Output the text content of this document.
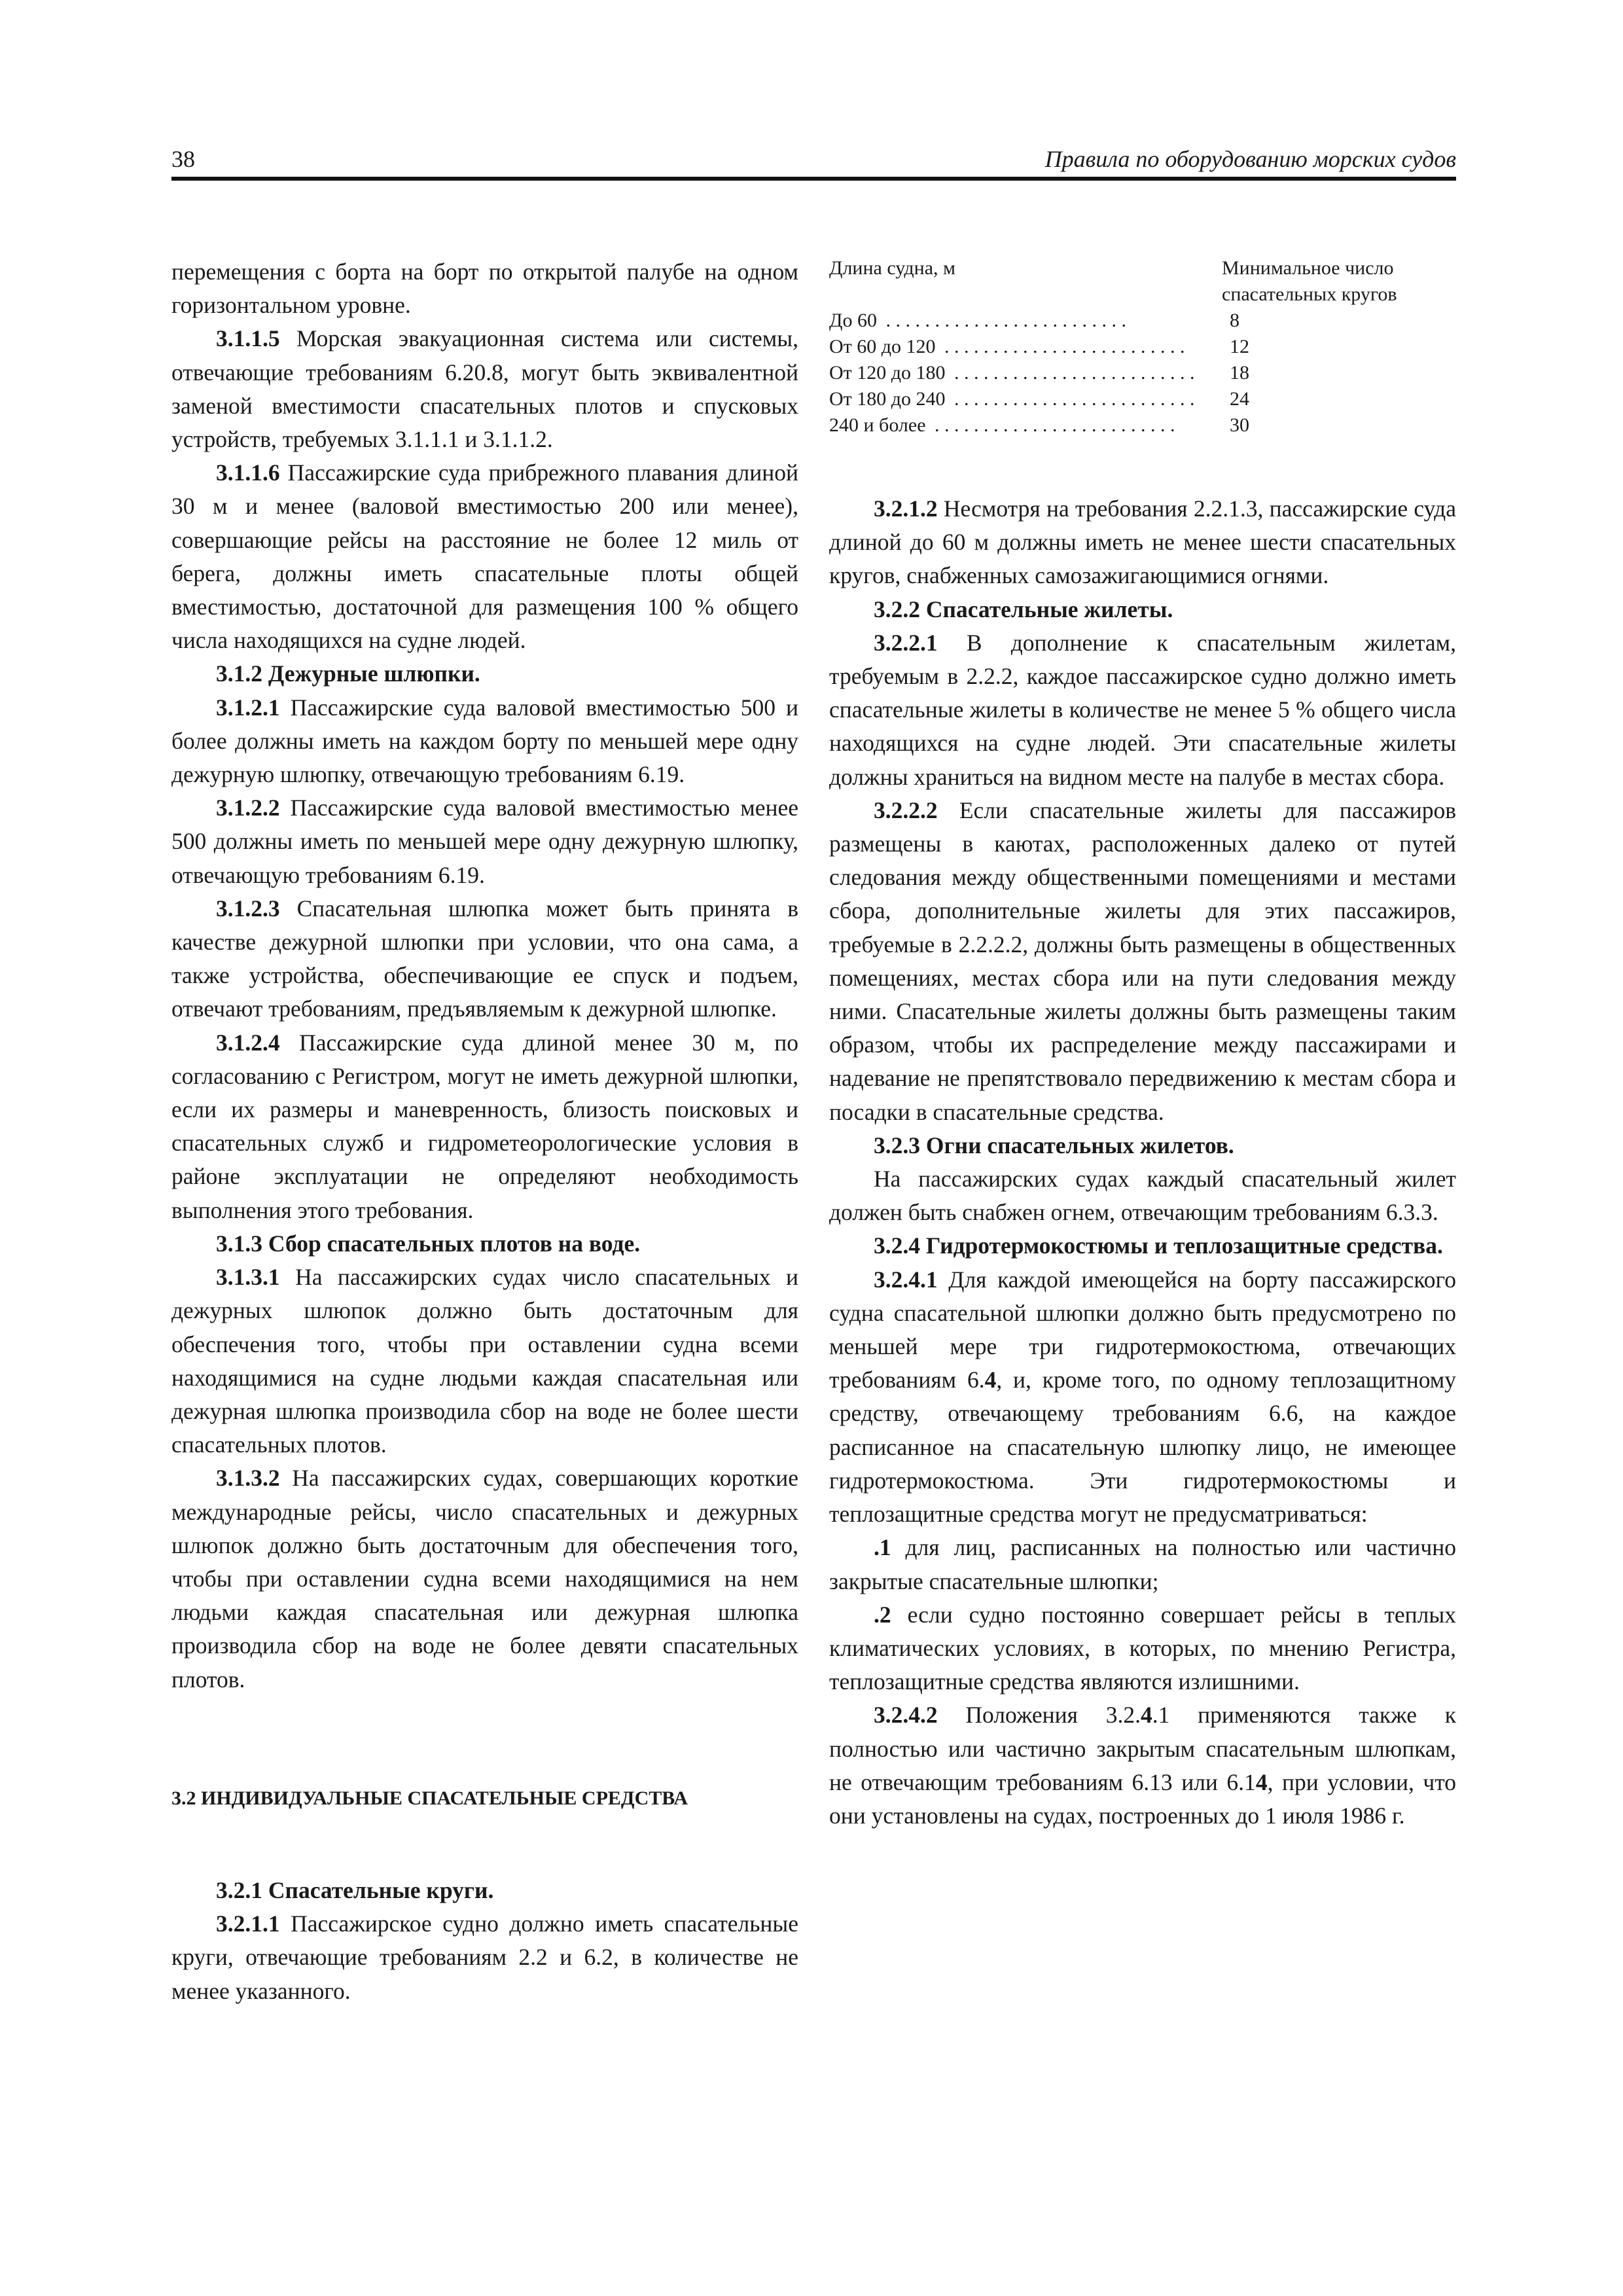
38	Правила по оборудованию морских судов

перемещения с борта на борт по открытой палубе на одном горизонтальном уровне.

3.1.1.5 Морская эвакуационная система или системы, отвечающие требованиям 6.20.8, могут быть эквивалентной заменой вместимости спасательных плотов и спусковых устройств, требуемых 3.1.1.1 и 3.1.1.2.

3.1.1.6 Пассажирские суда прибрежного плавания длиной 30 м и менее (валовой вместимостью 200 или менее), совершающие рейсы на расстояние не более 12 миль от берега, должны иметь спасательные плоты общей вместимостью, достаточной для размещения 100 % общего числа находящихся на судне людей.

3.1.2 Дежурные шлюпки.

3.1.2.1 Пассажирские суда валовой вместимостью 500 и более должны иметь на каждом борту по меньшей мере одну дежурную шлюпку, отвечающую требованиям 6.19.

3.1.2.2 Пассажирские суда валовой вместимостью менее 500 должны иметь по меньшей мере одну дежурную шлюпку, отвечающую требованиям 6.19.

3.1.2.3 Спасательная шлюпка может быть принята в качестве дежурной шлюпки при условии, что она сама, а также устройства, обеспечивающие ее спуск и подъем, отвечают требованиям, предъявляемым к дежурной шлюпке.

3.1.2.4 Пассажирские суда длиной менее 30 м, по согласованию с Регистром, могут не иметь дежурной шлюпки, если их размеры и маневренность, близость поисковых и спасательных служб и гидрометеорологические условия в районе эксплуатации не определяют необходимость выполнения этого требования.

3.1.3 Сбор спасательных плотов на воде.

3.1.3.1 На пассажирских судах число спасательных и дежурных шлюпок должно быть достаточным для обеспечения того, чтобы при оставлении судна всеми находящимися на судне людьми каждая спасательная или дежурная шлюпка производила сбор на воде не более шести спасательных плотов.

3.1.3.2 На пассажирских судах, совершающих короткие международные рейсы, число спасательных и дежурных шлюпок должно быть достаточным для обеспечения того, чтобы при оставлении судна всеми находящимися на нем людьми каждая спасательная или дежурная шлюпка производила сбор на воде не более девяти спасательных плотов.

3.2 ИНДИВИДУАЛЬНЫЕ СПАСАТЕЛЬНЫЕ СРЕДСТВА

3.2.1 Спасательные круги.

3.2.1.1 Пассажирское судно должно иметь спасательные круги, отвечающие требованиям 2.2 и 6.2, в количестве не менее указанного.

Длина судна, м	Минимальное число
спасательных кругов

До 60 . . . . . . . . . . . . . . . . . . . . . . . . .	8
От 60 до 120 . . . . . . . . . . . . . . . . . . . . . . . . .	12
От 120 до 180 . . . . . . . . . . . . . . . . . . . . . . . . .	18
От 180 до 240 . . . . . . . . . . . . . . . . . . . . . . . . .	24
240 и более . . . . . . . . . . . . . . . . . . . . . . . . .	30

3.2.1.2 Несмотря на требования 2.2.1.3, пассажирские суда длиной до 60 м должны иметь не менее шести спасательных кругов, снабженных самозажигающимися огнями.

3.2.2 Спасательные жилеты.

3.2.2.1 В дополнение к спасательным жилетам, требуемым в 2.2.2, каждое пассажирское судно должно иметь спасательные жилеты в количестве не менее 5 % общего числа находящихся на судне людей. Эти спасательные жилеты должны храниться на видном месте на палубе в местах сбора.

3.2.2.2 Если спасательные жилеты для пассажиров размещены в каютах, расположенных далеко от путей следования между общественными помещениями и местами сбора, дополнительные жилеты для этих пассажиров, требуемые в 2.2.2.2, должны быть размещены в общественных помещениях, местах сбора или на пути следования между ними. Спасательные жилеты должны быть размещены таким образом, чтобы их распределение между пассажирами и надевание не препятствовало передвижению к местам сбора и посадки в спасательные средства.

3.2.3 Огни спасательных жилетов.

На пассажирских судах каждый спасательный жилет должен быть снабжен огнем, отвечающим требованиям 6.3.3.

3.2.4 Гидротермокостюмы и теплозащитные средства.

3.2.4.1 Для каждой имеющейся на борту пассажирского судна спасательной шлюпки должно быть предусмотрено по меньшей мере три гидротермокостюма, отвечающих требованиям 6.4, и, кроме того, по одному теплозащитному средству, отвечающему требованиям 6.6, на каждое расписанное на спасательную шлюпку лицо, не имеющее гидротермокостюма. Эти гидротермокостюмы и теплозащитные средства могут не предусматриваться:

.1 для лиц, расписанных на полностью или частично закрытые спасательные шлюпки;

.2 если судно постоянно совершает рейсы в теплых климатических условиях, в которых, по мнению Регистра, теплозащитные средства являются излишними.

3.2.4.2 Положения 3.2.4.1 применяются также к полностью или частично закрытым спасательным шлюпкам, не отвечающим требованиям 6.13 или 6.14, при условии, что они установлены на судах, построенных до 1 июля 1986 г.
